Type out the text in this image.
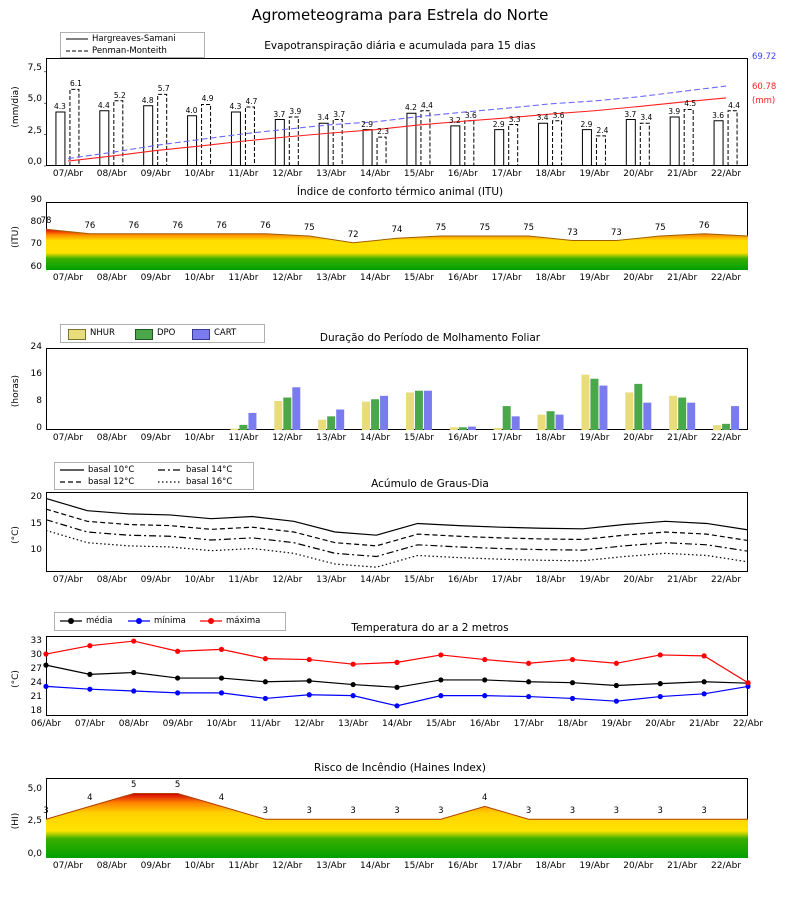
Agrometeograma para Estrela do Norte
Evapotranspiração diária e acumulada para 15 dias
(mm/dia)
0,0
2,5
5,0
7,5
Hargreaves-Samani
Penman-Monteith
69.72
60.78
(mm)
07/Abr	08/Abr	09/Abr	10/Abr	11/Abr	12/Abr	13/Abr	14/Abr	15/Abr	16/Abr	17/Abr	18/Abr	19/Abr	20/Abr	21/Abr	22/Abr
4.3
6.1
4.4
5.2
4.8
5.7
4.0
4.9
4.3
4.7
3.7 3.9
3.4 3.7
2.9
2.3
4.2 4.4
3.2
3.6
2.9
3.3 3.4 3.6
2.9
2.4
3.7 3.4
3.9
4.5
3.6
4.4
Índice de conforto térmico animal (ITU)
(ITU)
60
70
80
90
07/Abr	08/Abr	09/Abr	10/Abr	11/Abr	12/Abr	13/Abr	14/Abr	15/Abr	16/Abr	17/Abr	18/Abr	19/Abr	20/Abr	21/Abr	22/Abr
78	76	76	76	76	76	75
72	74	75	75	75	73	73	75	76
Duração do Período de Molhamento Foliar
(horas)
0
8
16
24
NHUR	DPO	CART
07/Abr	08/Abr	09/Abr	10/Abr	11/Abr	12/Abr	13/Abr	14/Abr	15/Abr	16/Abr	17/Abr	18/Abr	19/Abr	20/Abr	21/Abr	22/Abr
Acúmulo de Graus-Dia
(°C)
10
15
20
basal 10°C
basal 12°C
basal 14°C
basal 16°C
07/Abr	08/Abr	09/Abr	10/Abr	11/Abr	12/Abr	13/Abr	14/Abr	15/Abr	16/Abr	17/Abr	18/Abr	19/Abr	20/Abr	21/Abr	22/Abr
Temperatura do ar a 2 metros
(°C)
18
21
24
27
30
33
média	mínima	máxima
06/Abr	07/Abr	08/Abr	09/Abr	10/Abr	11/Abr	12/Abr	13/Abr	14/Abr	15/Abr	16/Abr	17/Abr	18/Abr	19/Abr	20/Abr	21/Abr	22/Abr
Risco de Incêndio (Haines Index)
(HI)
0,0
2,5
5,0
07/Abr	08/Abr	09/Abr	10/Abr	11/Abr	12/Abr	13/Abr	14/Abr	15/Abr	16/Abr	17/Abr	18/Abr	19/Abr	20/Abr	21/Abr	22/Abr
3
4
5	5
4
3	3	3	3	3
4
3	3	3	3	3
